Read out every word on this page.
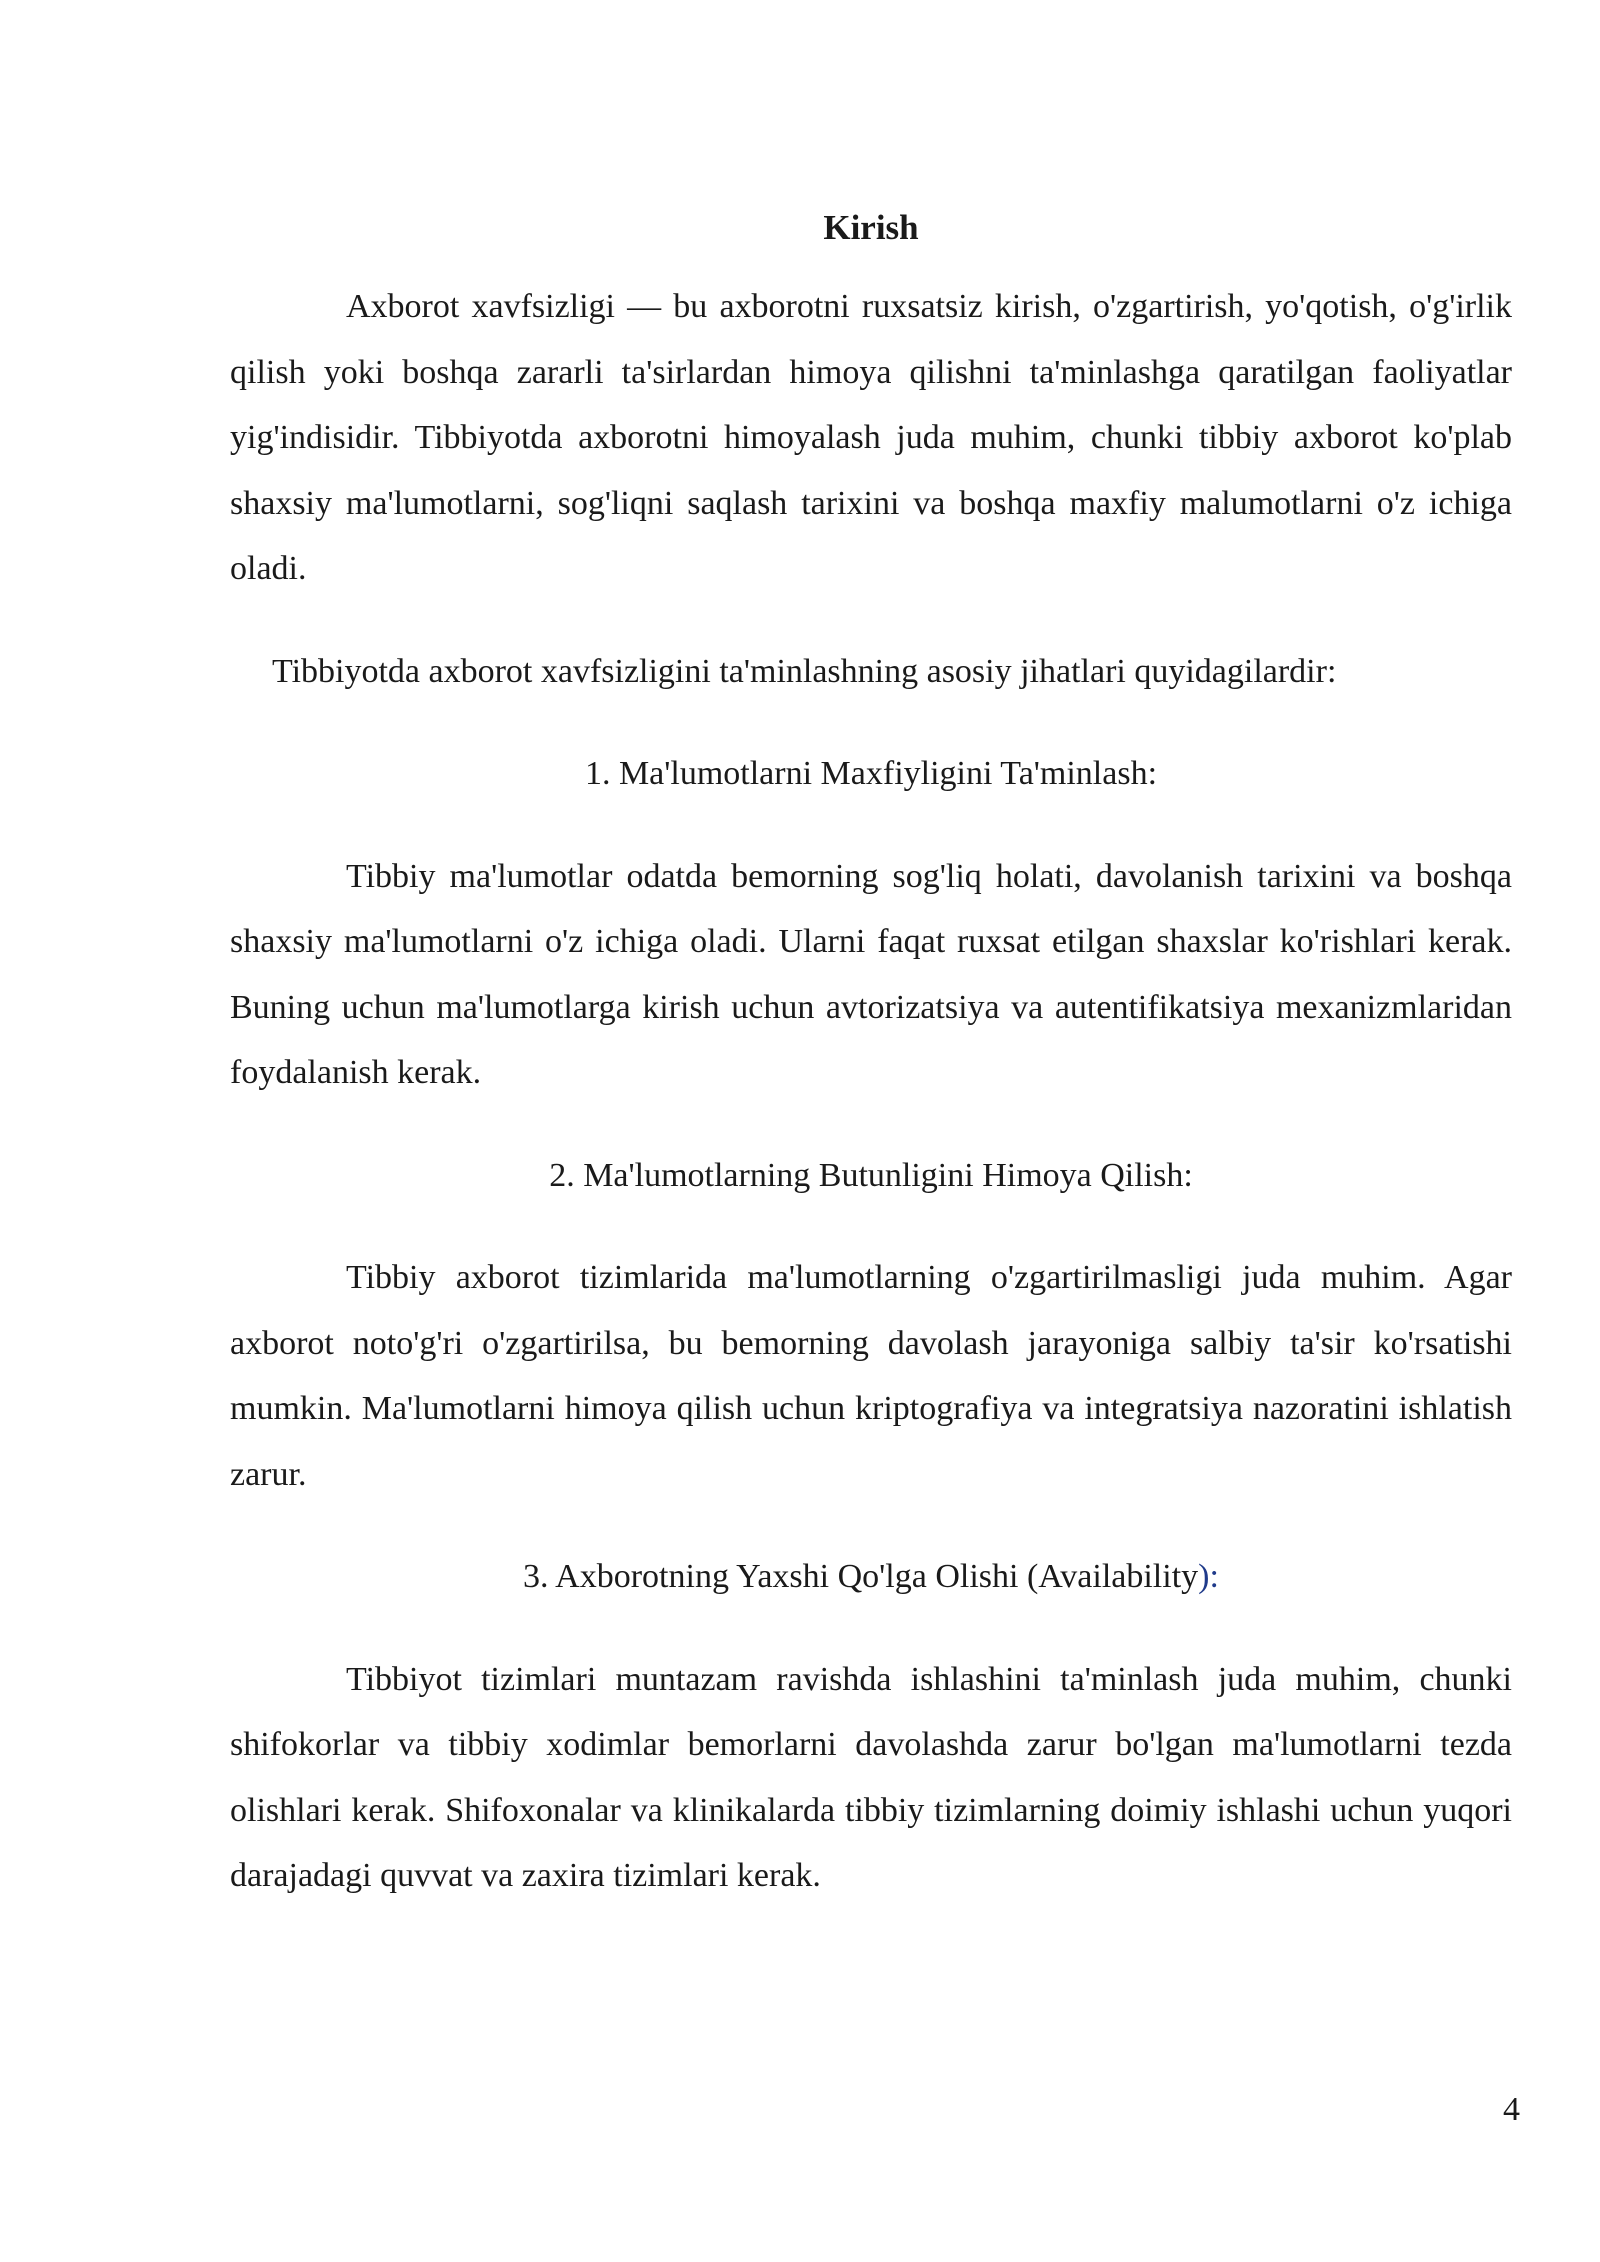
Kirish

Axborot xavfsizligi — bu axborotni ruxsatsiz kirish, o'zgartirish, yo'qotish, o'g'irlik qilish yoki boshqa zararli ta'sirlardan himoya qilishni ta'minlashga qaratilgan faoliyatlar yig'indisidir. Tibbiyotda axborotni himoyalash juda muhim, chunki tibbiy axborot ko'plab shaxsiy ma'lumotlarni, sog'liqni saqlash tarixini va boshqa maxfiy malumotlarni o'z ichiga oladi.

Tibbiyotda axborot xavfsizligini ta'minlashning asosiy jihatlari quyidagilardir:
1. Ma'lumotlarni Maxfiyligini Ta'minlash:

Tibbiy ma'lumotlar odatda bemorning sog'liq holati, davolanish tarixini va boshqa shaxsiy ma'lumotlarni o'z ichiga oladi. Ularni faqat ruxsat etilgan shaxslar ko'rishlari kerak. Buning uchun ma'lumotlarga kirish uchun avtorizatsiya va autentifikatsiya mexanizmlaridan foydalanish kerak.

2. Ma'lumotlarning Butunligini Himoya Qilish:

Tibbiy axborot tizimlarida ma'lumotlarning o'zgartirilmasligi juda muhim. Agar axborot noto'g'ri o'zgartirilsa, bu bemorning davolash jarayoniga salbiy ta'sir ko'rsatishi mumkin. Ma'lumotlarni himoya qilish uchun kriptografiya va integratsiya nazoratini ishlatish zarur.

3. Axborotning Yaxshi Qo'lga Olishi (Availability):

Tibbiyot tizimlari muntazam ravishda ishlashini ta'minlash juda muhim, chunki shifokorlar va tibbiy xodimlar bemorlarni davolashda zarur bo'lgan ma'lumotlarni tezda olishlari kerak. Shifoxonalar va klinikalarda tibbiy tizimlarning doimiy ishlashi uchun yuqori darajadagi quvvat va zaxira tizimlari kerak.

4
